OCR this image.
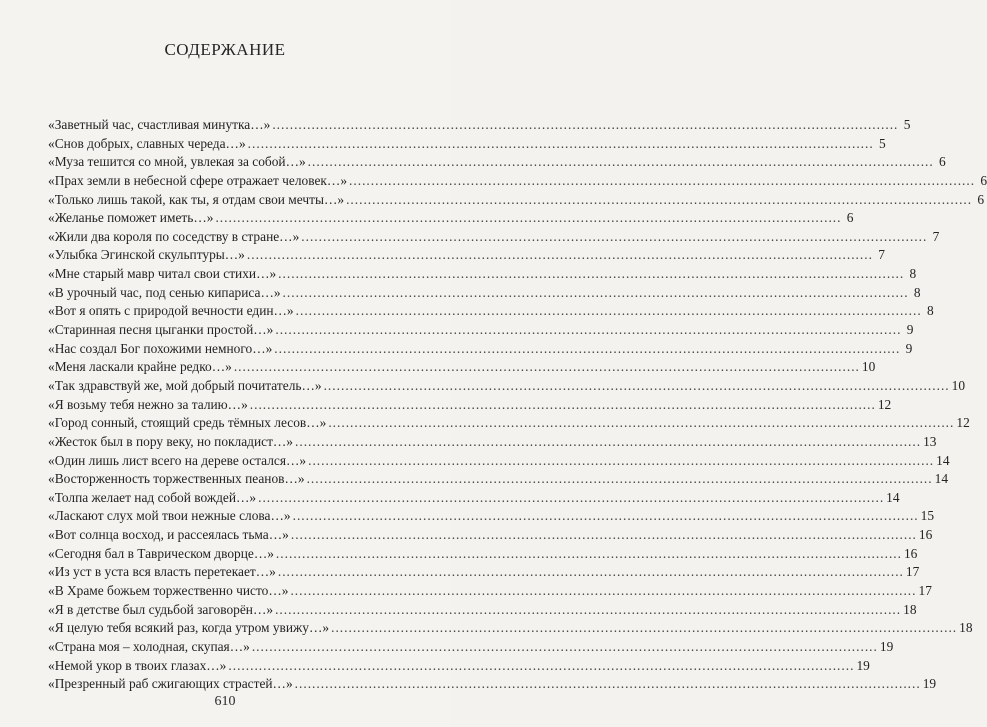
СОДЕРЖАНИЕ
«Заветный час, счастливая минутка…» .....	5
«Снов добрых, славных череда…» .....	5
«Муза тешится со мной, увлекая за собой…» .....	6
«Прах земли в небесной сфере отражает человек…» .....	6
«Только лишь такой, как ты, я отдам свои мечты…» .....	6
«Желанье поможет иметь…» .....	6
«Жили два короля по соседству в стране…» .....	7
«Улыбка Эгинской скульптуры…» .....	7
«Мне старый мавр читал свои стихи…» .....	8
«В урочный час, под сенью кипариса…» .....	8
«Вот я опять с природой вечности един…» .....	8
«Старинная песня цыганки простой…» .....	9
«Нас создал Бог похожими немного…» .....	9
«Меня ласкали крайне редко…» .....	10
«Так здравствуй же, мой добрый почитатель…» .....	10
«Я возьму тебя нежно за талию…» .....	12
«Город сонный, стоящий средь тёмных лесов…» .....	12
«Жесток был в пору веку, но покладист…» .....	13
«Один лишь лист всего на дереве остался…» .....	14
«Восторженность торжественных пеанов…» .....	14
«Толпа желает над собой вождей…» .....	14
«Ласкают слух мой твои нежные слова…» .....	15
«Вот солнца восход, и рассеялась тьма…» .....	16
«Сегодня бал в Таврическом дворце…» .....	16
«Из уст в уста вся власть перетекает…» .....	17
«В Храме божьем торжественно чисто…» .....	17
«Я в детстве был судьбой заговорён…» .....	18
«Я целую тебя всякий раз, когда утром увижу…» .....	18
«Страна моя – холодная, скупая…» .....	19
«Немой укор в твоих глазах…» .....	19
«Презренный раб сжигающих страстей…» .....	19
610
